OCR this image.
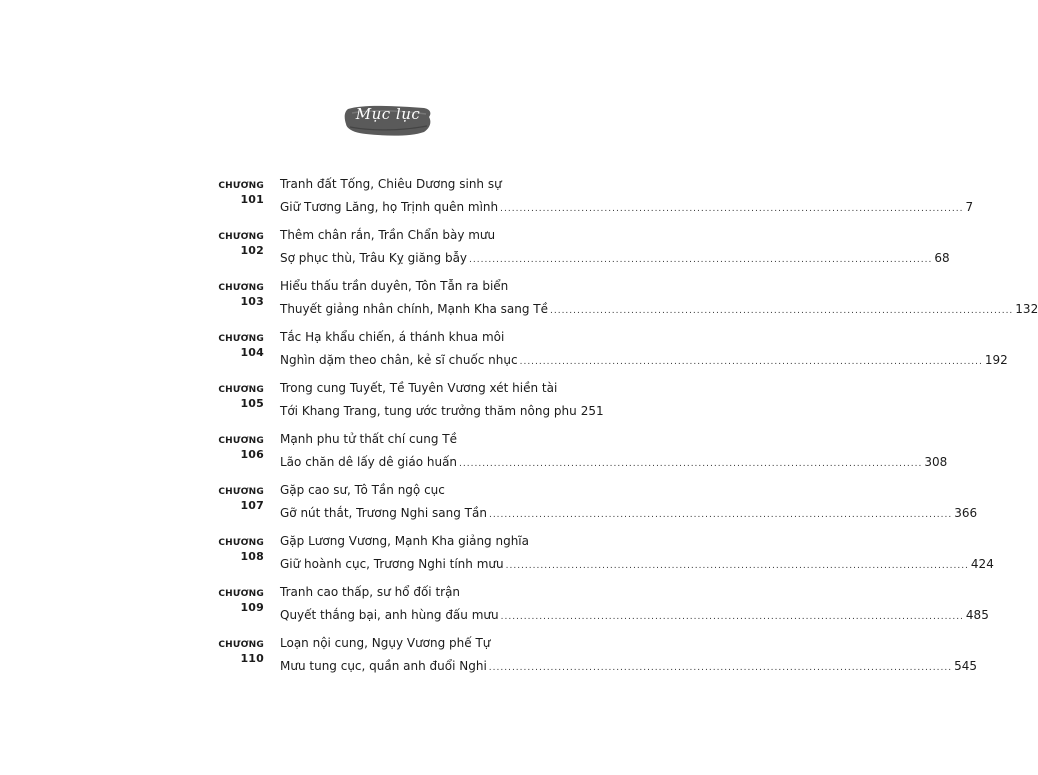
Mục lục
CHƯƠNG 101
Tranh đất Tống, Chiêu Dương sinh sự
Giữ Tương Lăng, họ Trịnh quên mình ........................................................................................................................ 7
CHƯƠNG 102
Thêm chân rắn, Trần Chẩn bày mưu
Sợ phục thù, Trâu Kỵ giăng bẫy ........................................................................................................................ 68
CHƯƠNG 103
Hiểu thấu trần duyên, Tôn Tẫn ra biển
Thuyết giảng nhân chính, Mạnh Kha sang Tề ........................................................................................................................ 132
CHƯƠNG 104
Tắc Hạ khẩu chiến, á thánh khua môi
Nghìn dặm theo chân, kẻ sĩ chuốc nhục ........................................................................................................................ 192
CHƯƠNG 105
Trong cung Tuyết, Tề Tuyên Vương xét hiền tài
Tới Khang Trang, tung ước trưởng thăm nông phu 251
CHƯƠNG 106
Mạnh phu tử thất chí cung Tề
Lão chăn dê lấy dê giáo huấn ........................................................................................................................ 308
CHƯƠNG 107
Gặp cao sư, Tô Tần ngộ cục
Gỡ nút thắt, Trương Nghi sang Tần ........................................................................................................................ 366
CHƯƠNG 108
Gặp Lương Vương, Mạnh Kha giảng nghĩa
Giữ hoành cục, Trương Nghi tính mưu ........................................................................................................................ 424
CHƯƠNG 109
Tranh cao thấp, sư hổ đối trận
Quyết thắng bại, anh hùng đấu mưu ........................................................................................................................ 485
CHƯƠNG 110
Loạn nội cung, Ngụy Vương phế Tự
Mưu tung cục, quần anh đuổi Nghi ........................................................................................................................ 545
